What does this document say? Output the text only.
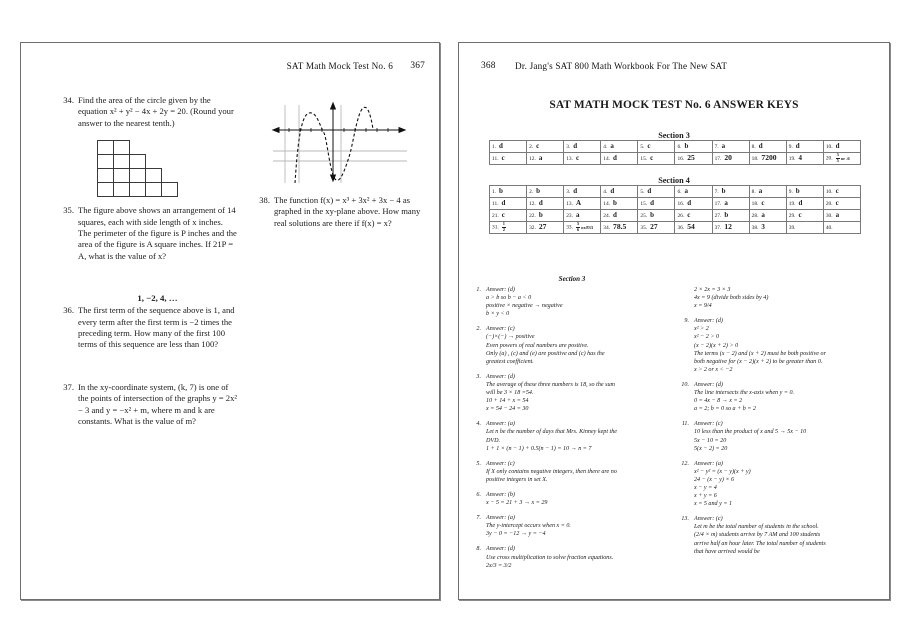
SAT Math Mock Test No. 6 367
34. Find the area of the circle given by the equation x² + y² − 4x + 2y = 20. (Round your answer to the nearest tenth.)
35. The figure above shows an arrangement of 14 squares, each with side length of x inches. The perimeter of the figure is P inches and the area of the figure is A square inches. If 21P = A, what is the value of x?
1, −2, 4, …
36. The first term of the sequence above is 1, and every term after the first term is −2 times the preceding term. How many of the first 100 terms of this sequence are less than 100?
37. In the xy-coordinate system, (k, 7) is one of the points of intersection of the graphs y = 2x² − 3 and y = −x² + m, where m and k are constants. What is the value of m?
38. The function f(x) = x³ + 3x² + 3x − 4 as graphed in the xy-plane above. How many real solutions are there if f(x) = x?
368 Dr. Jang's SAT 800 Math Workbook For The New SAT
SAT MATH MOCK TEST No. 6 ANSWER KEYS
Section 3
1. d	2. c	3. d	4. a	5. c	6. b	7. a	8. d	9. d	10. d
11. c	12. a	13. c	14. d	15. c	16. 25	17. 20	18. 7200	19. 4	20. $\frac{3}{5}$ or .6
Section 4
1. b	2. b	3. d	4. d	5. d	6. a	7. b	8. a	9. b	10. c
11. d	12. d	13. A	14. b	15. d	16. d	17. a	18. c	19. d	20. c
21. c	22. b	23. a	24. d	25. b	26. c	27. b	28. a	29. c	30. a
31. $\frac{1}{2}$	32. 27	33. $\frac{5}{6} or.833$	34. 78.5	35. 27	36. 54	37. 12	38. 3	39.	40.
Section 3
1. Answer: (d)
a > b so b − a < 0
positive × negative → negative
b × y < 0
2. Answer: (c)
(−)×(−) → positive
Even powers of real numbers are positive.
Only (a) , (c) and (e) are positive and (c) has the
greatest coefficient.
3. Answer: (d)
The average of these three numbers is 18, so the sum
will be 3 × 18 =54.
10 + 14 + x = 54
x = 54 − 24 = 30
4. Answer: (a)
Let n be the number of days that Mrs. Kinney kept the
DVD.
1 + 1 × (n − 1) + 0.5(n − 1) = 10 → n = 7
5. Answer: (c)
If X only contains negative integers, then there are no
positive integers in set X.
6. Answer: (b)
x − 5 = 21 + 3 → x = 29
7. Answer: (a)
The y-intercept occurs when x = 0.
3y − 0 = −12 → y = −4
8. Answer: (d)
Use cross multiplication to solve fraction equations.
2x/3 = 3/2
2 × 2x = 3 × 3
4x = 9 (divide both sides by 4)
x = 9/4
9. Answer: (d)
x² > 2
x² − 2 > 0
(x − 2)(x + 2) > 0
The terms (x − 2) and (x + 2) must be both positive or
both negative for (x − 2)(x + 2) to be greater than 0.
x > 2 or x < −2
10. Answer: (d)
The line intersects the x-axis when y = 0.
0 = 4x − 8 → x = 2
a = 2; b = 0 so a + b = 2
11. Answer: (c)
10 less than the product of x and 5 → 5x − 10
5x − 10 = 20
5(x − 2) = 20
12. Answer: (a)
x² − y² = (x − y)(x + y)
24 − (x − y) × 6
x − y = 4
x + y = 6
x = 5 and y = 1
13. Answer: (c)
Let m be the total number of students in the school.
(2/4 × m) students arrive by 7 AM and 100 students
arrive half an hour later. The total number of students
that have arrived would be
